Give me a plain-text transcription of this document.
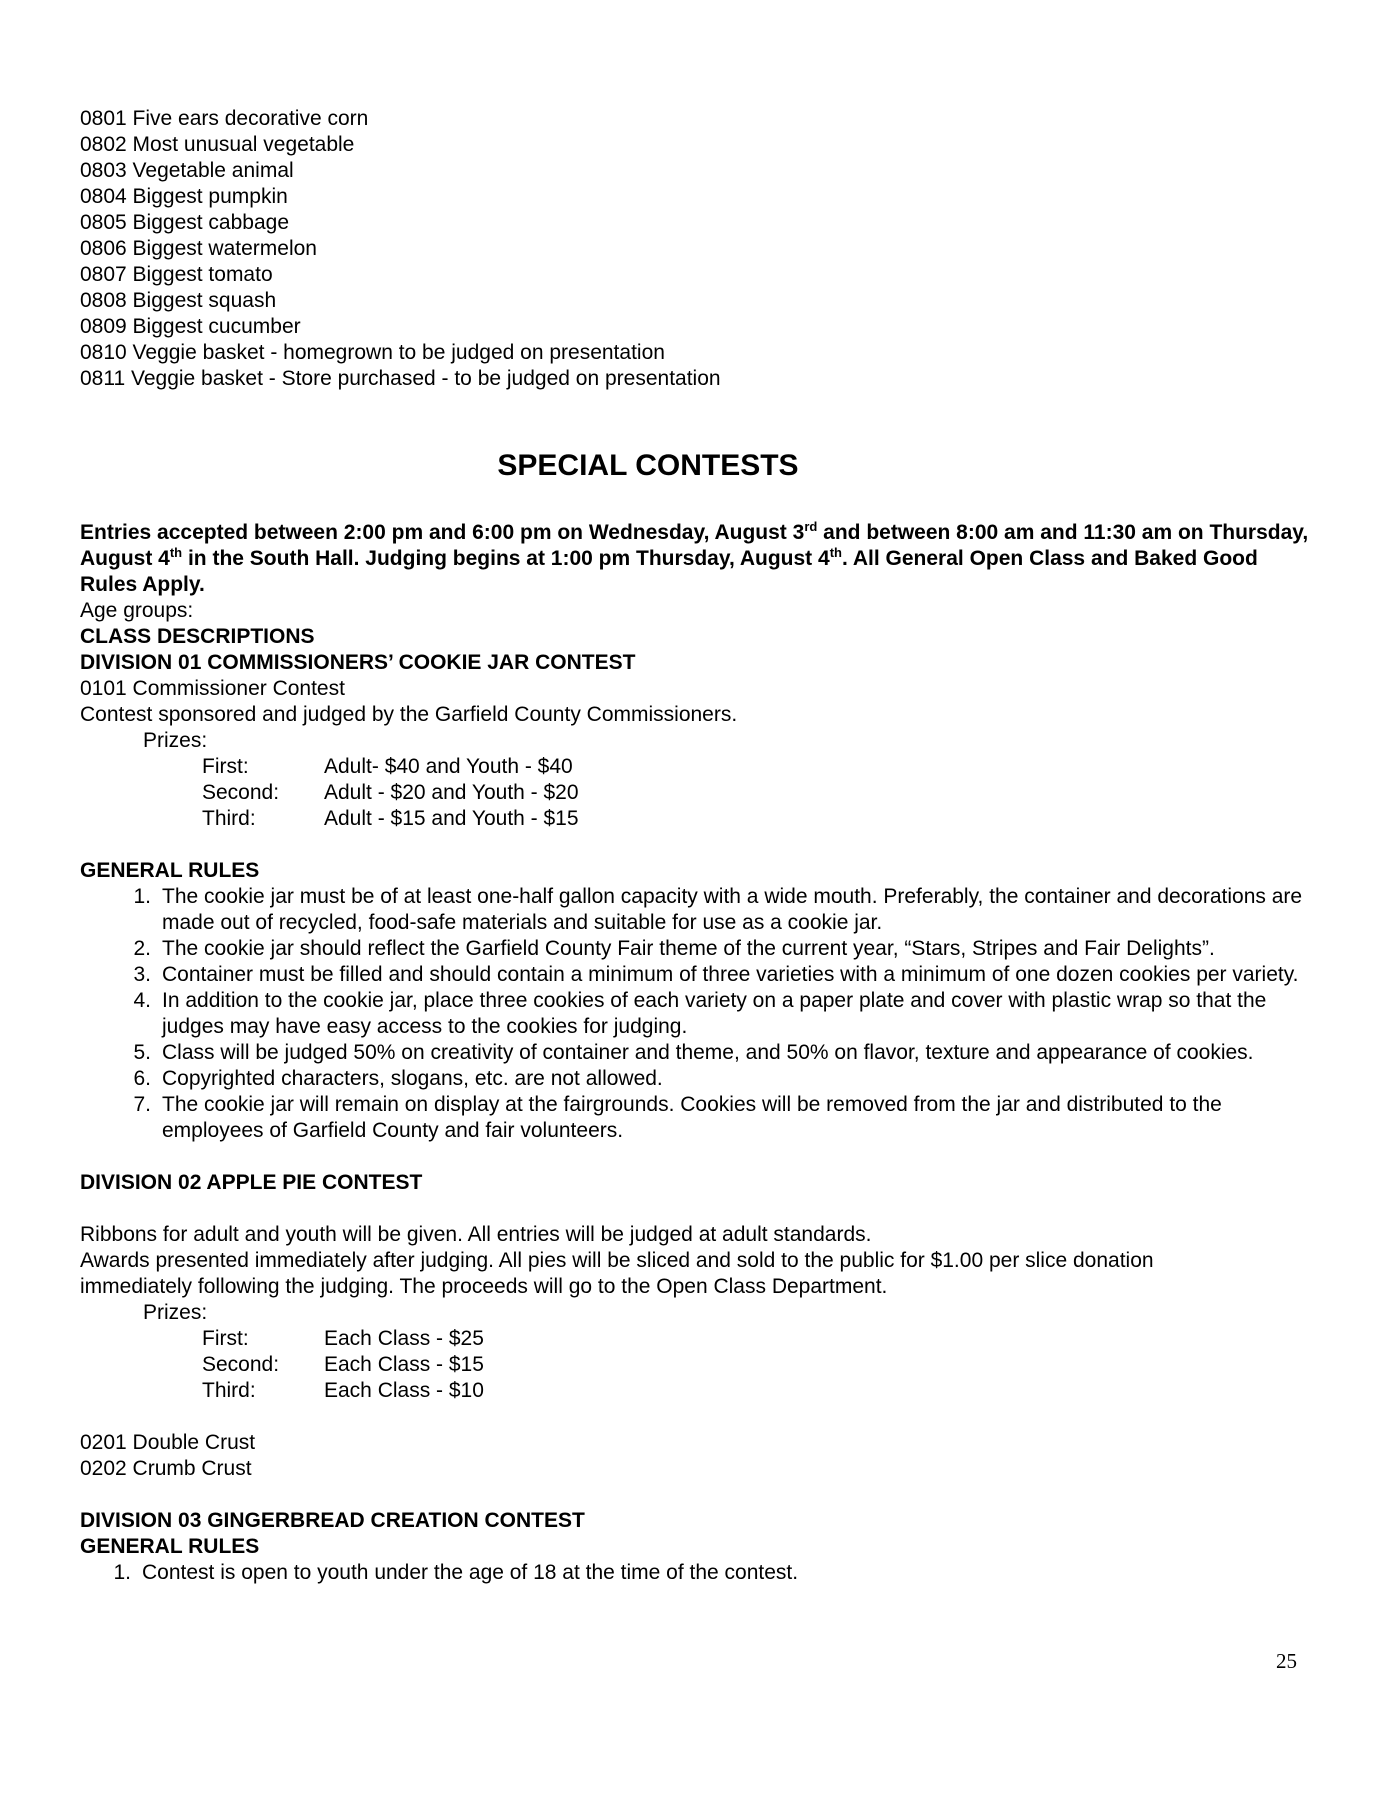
0801 Five ears decorative corn
0802 Most unusual vegetable
0803 Vegetable animal
0804 Biggest pumpkin
0805 Biggest cabbage
0806 Biggest watermelon
0807 Biggest tomato
0808 Biggest squash
0809 Biggest cucumber
0810 Veggie basket - homegrown to be judged on presentation
0811 Veggie basket - Store purchased - to be judged on presentation
SPECIAL CONTESTS
Entries accepted between 2:00 pm and 6:00 pm on Wednesday, August 3rd and between 8:00 am and 11:30 am on Thursday, August 4th in the South Hall. Judging begins at 1:00 pm Thursday, August 4th. All General Open Class and Baked Good Rules Apply.
Age groups:
CLASS DESCRIPTIONS
DIVISION 01 COMMISSIONERS’ COOKIE JAR CONTEST
0101 Commissioner Contest
Contest sponsored and judged by the Garfield County Commissioners.
Prizes:
First:	Adult- $40 and Youth - $40
Second:	Adult - $20 and Youth - $20
Third:	Adult - $15 and Youth - $15
GENERAL RULES
1. The cookie jar must be of at least one-half gallon capacity with a wide mouth. Preferably, the container and decorations are made out of recycled, food-safe materials and suitable for use as a cookie jar.
2. The cookie jar should reflect the Garfield County Fair theme of the current year, “Stars, Stripes and Fair Delights”.
3. Container must be filled and should contain a minimum of three varieties with a minimum of one dozen cookies per variety.
4. In addition to the cookie jar, place three cookies of each variety on a paper plate and cover with plastic wrap so that the judges may have easy access to the cookies for judging.
5. Class will be judged 50% on creativity of container and theme, and 50% on flavor, texture and appearance of cookies.
6. Copyrighted characters, slogans, etc. are not allowed.
7. The cookie jar will remain on display at the fairgrounds. Cookies will be removed from the jar and distributed to the employees of Garfield County and fair volunteers.
DIVISION 02 APPLE PIE CONTEST
Ribbons for adult and youth will be given. All entries will be judged at adult standards.
Awards presented immediately after judging. All pies will be sliced and sold to the public for $1.00 per slice donation immediately following the judging. The proceeds will go to the Open Class Department.
Prizes:
First:	Each Class - $25
Second:	Each Class - $15
Third:	Each Class - $10
0201 Double Crust
0202 Crumb Crust
DIVISION 03 GINGERBREAD CREATION CONTEST
GENERAL RULES
1. Contest is open to youth under the age of 18 at the time of the contest.
25
